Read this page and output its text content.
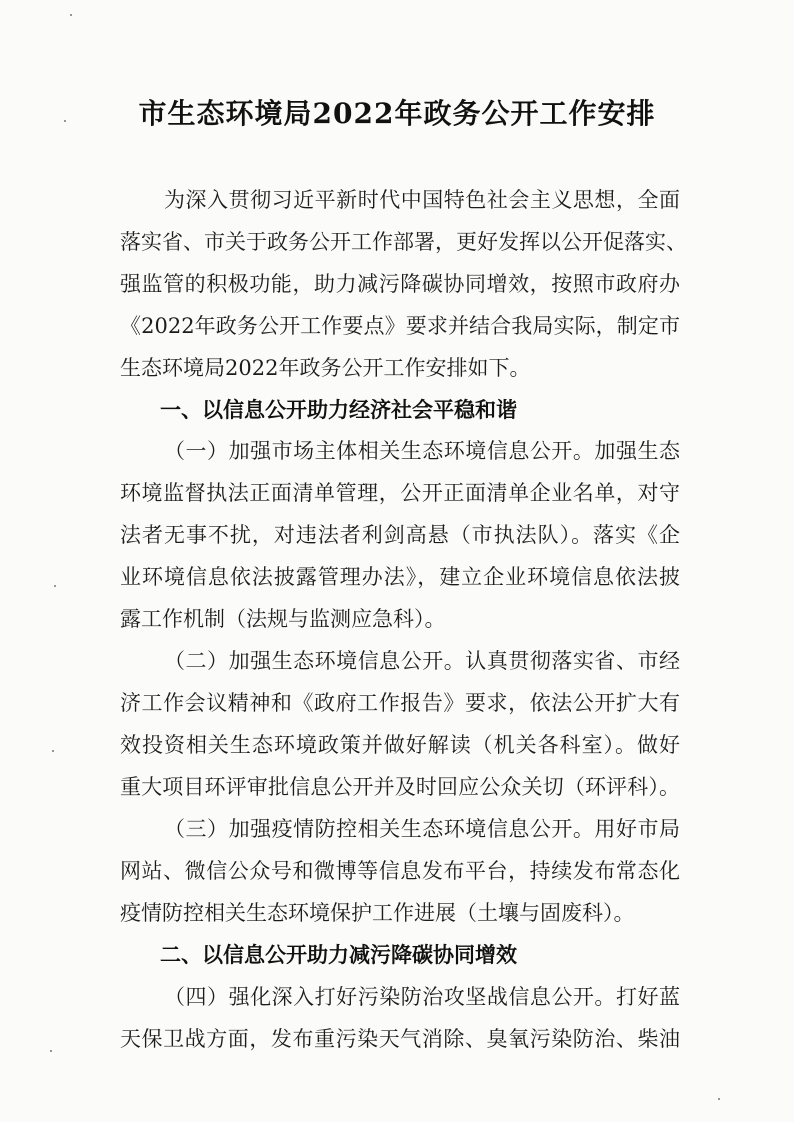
市生态环境局2022年政务公开工作安排
为深入贯彻习近平新时代中国特色社会主义思想，全面
落实省、市关于政务公开工作部署，更好发挥以公开促落实、
强监管的积极功能，助力减污降碳协同增效，按照市政府办
《2022年政务公开工作要点》要求并结合我局实际，制定市
生态环境局2022年政务公开工作安排如下。
一、以信息公开助力经济社会平稳和谐
（一）加强市场主体相关生态环境信息公开。加强生态
环境监督执法正面清单管理，公开正面清单企业名单，对守
法者无事不扰，对违法者利剑高悬（市执法队）。落实《企
业环境信息依法披露管理办法》，建立企业环境信息依法披
露工作机制（法规与监测应急科）。
（二）加强生态环境信息公开。认真贯彻落实省、市经
济工作会议精神和《政府工作报告》要求，依法公开扩大有
效投资相关生态环境政策并做好解读（机关各科室）。做好
重大项目环评审批信息公开并及时回应公众关切（环评科）。
（三）加强疫情防控相关生态环境信息公开。用好市局
网站、微信公众号和微博等信息发布平台，持续发布常态化
疫情防控相关生态环境保护工作进展（土壤与固废科）。
二、以信息公开助力减污降碳协同增效
（四）强化深入打好污染防治攻坚战信息公开。打好蓝
天保卫战方面，发布重污染天气消除、臭氧污染防治、柴油
